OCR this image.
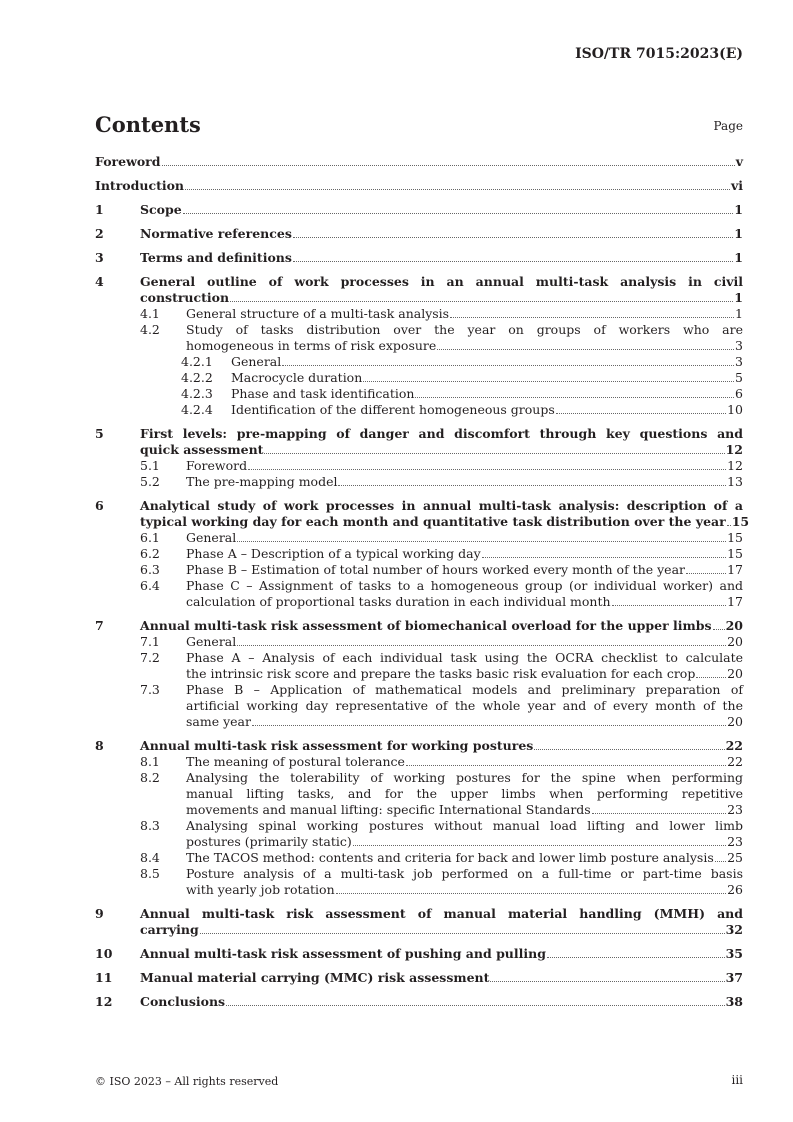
ISO/TR 7015:2023(E)
Contents	Page
Foreword	v
Introduction	vi
1	Scope	1
2	Normative references	1
3	Terms and definitions	1
4	General outline of work processes in an annual multi-task analysis in civil
construction	1
4.1 General structure of a multi-task analysis	1
4.2 Study of tasks distribution over the year on groups of workers who are
homogeneous in terms of risk exposure	3
4.2.1 General	3
4.2.2 Macrocycle duration	5
4.2.3 Phase and task identification	6
4.2.4 Identification of the different homogeneous groups	10
5	First levels: pre-mapping of danger and discomfort through key questions and
quick assessment	12
5.1 Foreword	12
5.2 The pre-mapping model	13
6	Analytical study of work processes in annual multi-task analysis: description of a
typical working day for each month and quantitative task distribution over the year 15
6.1 General	15
6.2 Phase A – Description of a typical working day	15
6.3 Phase B – Estimation of total number of hours worked every month of the year	17
6.4 Phase C – Assignment of tasks to a homogeneous group (or individual worker) and
calculation of proportional tasks duration in each individual month	17
7	Annual multi-task risk assessment of biomechanical overload for the upper limbs 20
7.1 General	20
7.2 Phase A – Analysis of each individual task using the OCRA checklist to calculate
the intrinsic risk score and prepare the tasks basic risk evaluation for each crop	20
7.3 Phase B – Application of mathematical models and preliminary preparation of
artificial working day representative of the whole year and of every month of the
same year	20
8	Annual multi-task risk assessment for working postures	22
8.1 The meaning of postural tolerance	22
8.2 Analysing the tolerability of working postures for the spine when performing
manual lifting tasks, and for the upper limbs when performing repetitive
movements and manual lifting: specific International Standards	23
8.3 Analysing spinal working postures without manual load lifting and lower limb
postures (primarily static)	23
8.4 The TACOS method: contents and criteria for back and lower limb posture analysis 25
8.5 Posture analysis of a multi-task job performed on a full-time or part-time basis
with yearly job rotation	26
9	Annual multi-task risk assessment of manual material handling (MMH) and
carrying	32
10 Annual multi-task risk assessment of pushing and pulling	35
11 Manual material carrying (MMC) risk assessment	37
12 Conclusions	38
© ISO 2023 – All rights reserved	iii
